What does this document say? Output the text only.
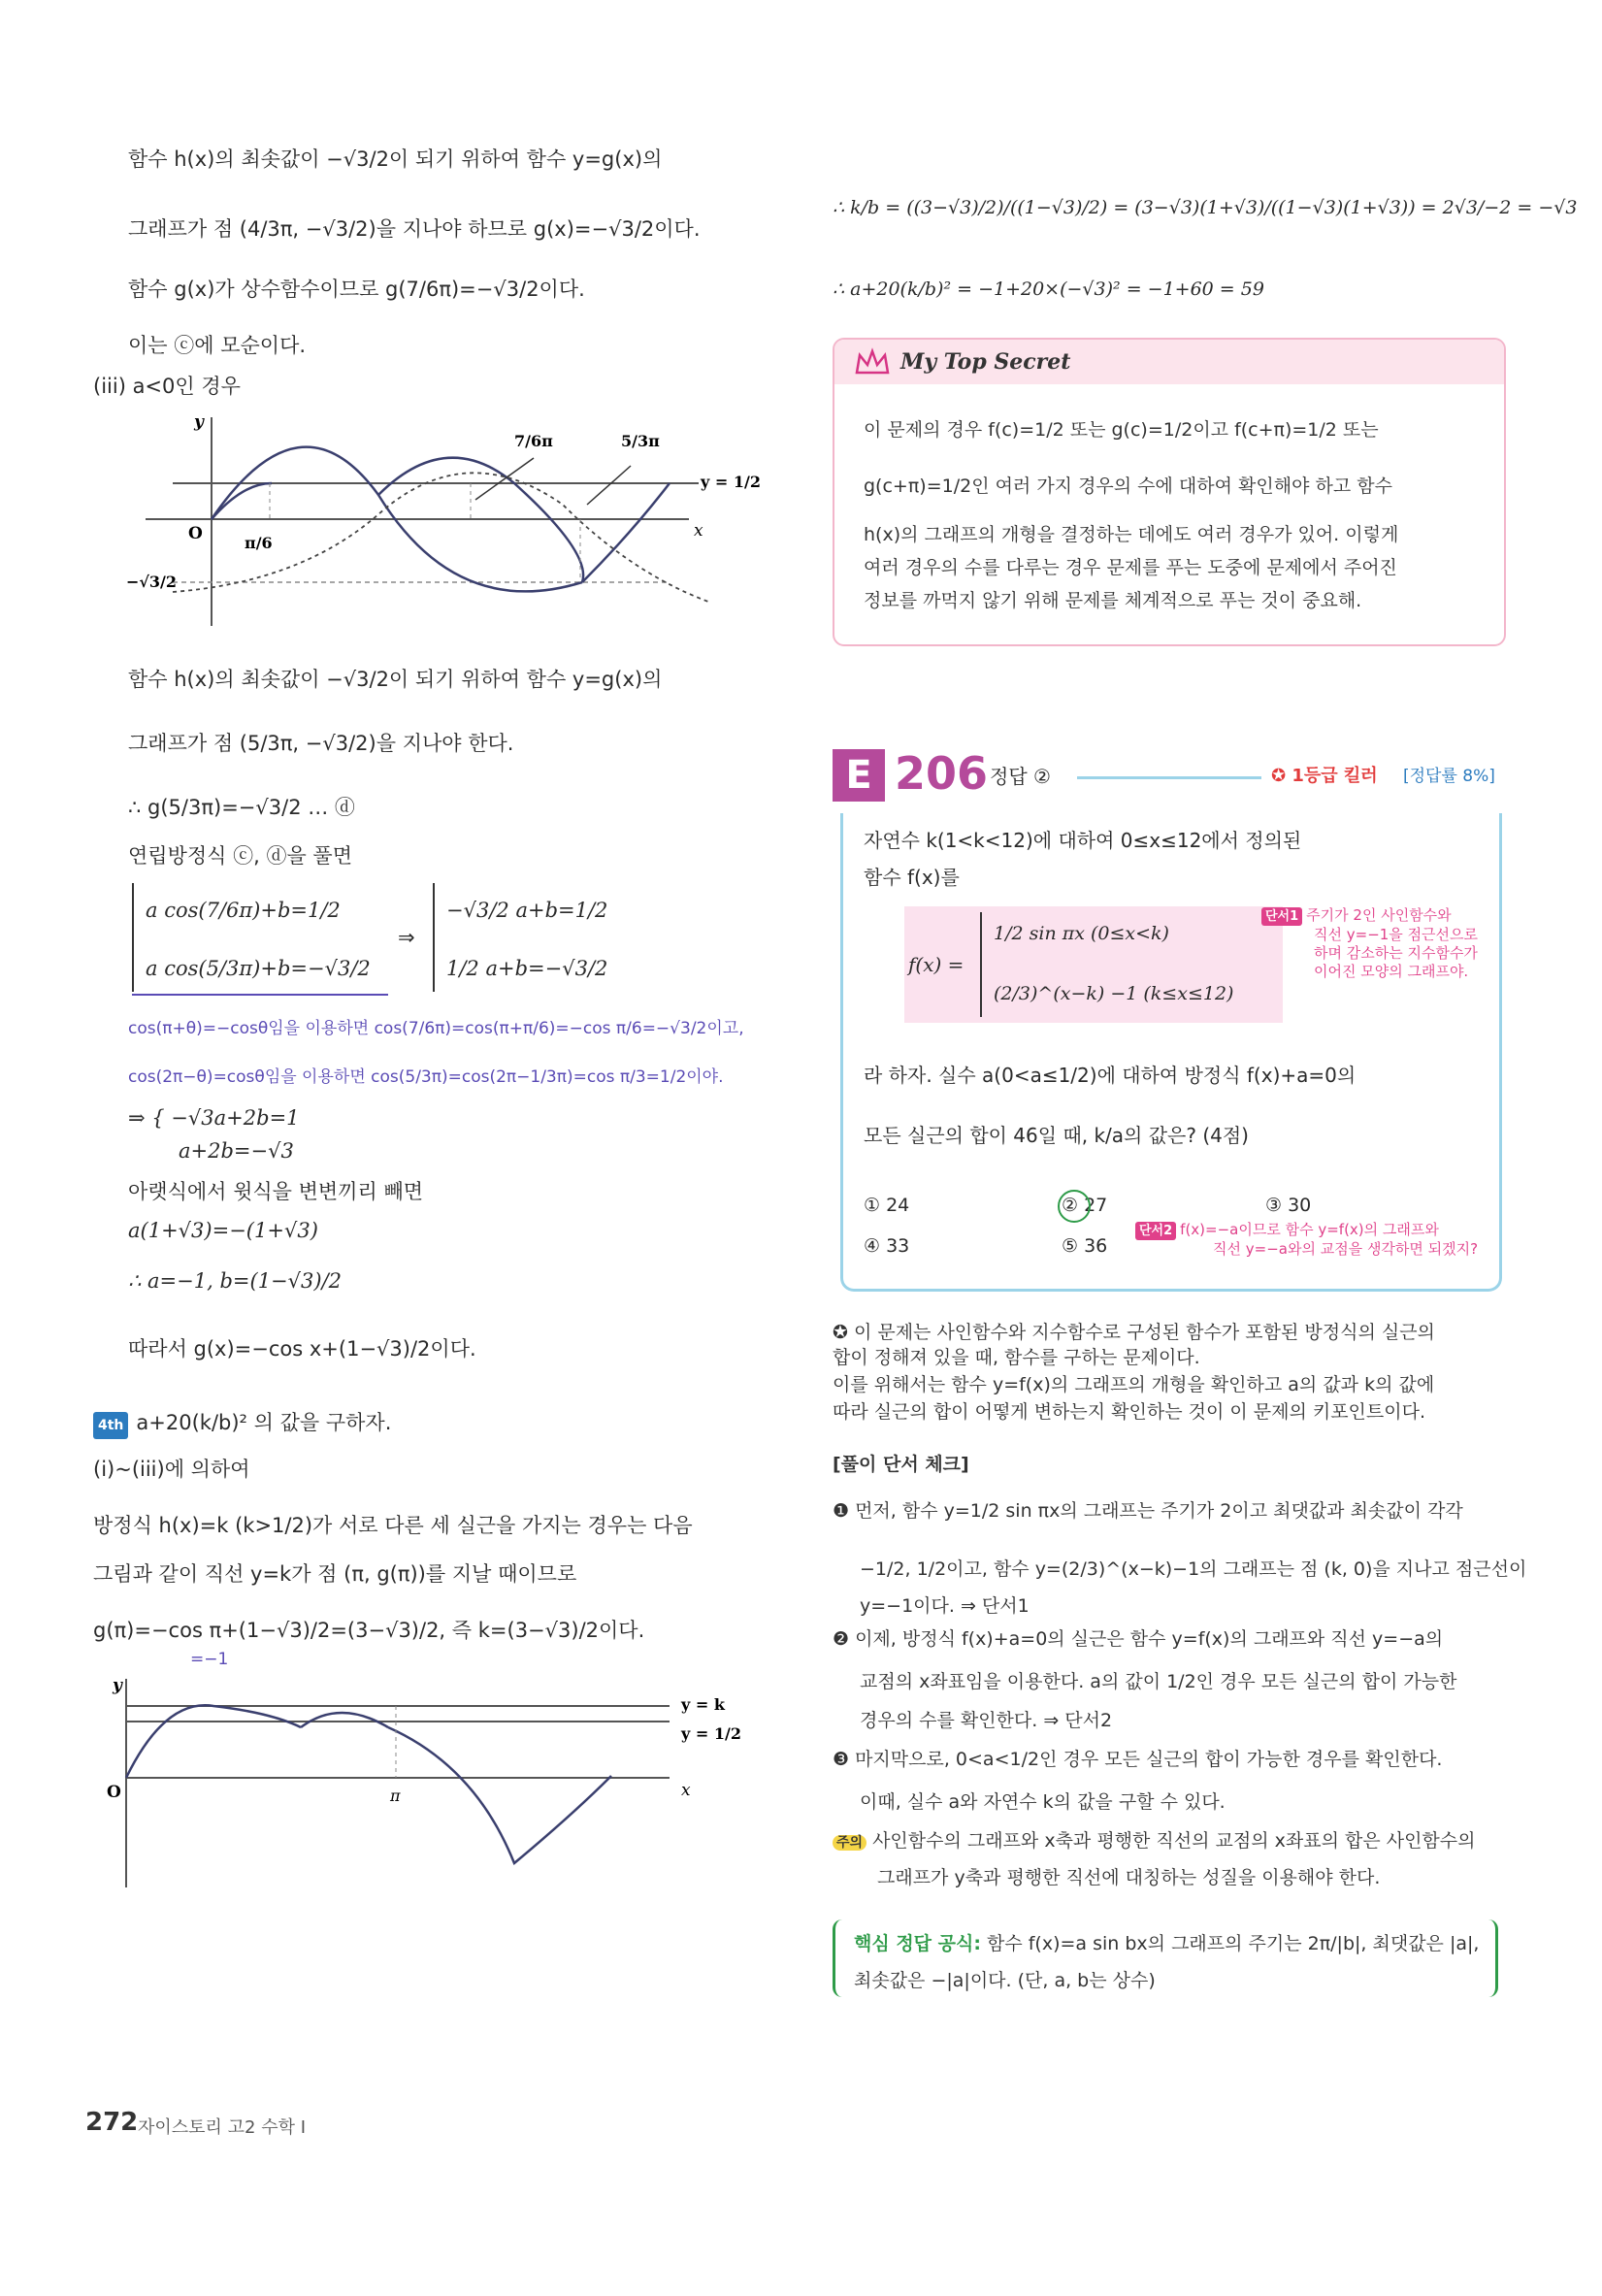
함수 h(x)의 최솟값이 −√3/2이 되기 위하여 함수 y=g(x)의
그래프가 점 (4/3π, −√3/2)을 지나야 하므로 g(x)=−√3/2이다.
함수 g(x)가 상수함수이므로 g(7/6π)=−√3/2이다.
이는 ⓒ에 모순이다.
(iii) a<0인 경우
y
x
O	π/6
−√3/2
7/6π	5/3π
y = 1/2
함수 h(x)의 최솟값이 −√3/2이 되기 위하여 함수 y=g(x)의
그래프가 점 (5/3π, −√3/2)을 지나야 한다.
∴ g(5/3π)=−√3/2 … ⓓ
연립방정식 ⓒ, ⓓ을 풀면
a cos(7/6π)+b=1/2
a cos(5/3π)+b=−√3/2
⇒
−√3/2 a+b=1/2
1/2 a+b=−√3/2
cos(π+θ)=−cosθ임을 이용하면 cos(7/6π)=cos(π+π/6)=−cos π/6=−√3/2이고,
cos(2π−θ)=cosθ임을 이용하면 cos(5/3π)=cos(2π−1/3π)=cos π/3=1/2이야.
⇒ { −√3a+2b=1
a+2b=−√3
아랫식에서 윗식을 변변끼리 빼면
a(1+√3)=−(1+√3)
∴ a=−1, b=(1−√3)/2
따라서 g(x)=−cos x+(1−√3)/2이다.
4th a+20(k/b)² 의 값을 구하자.
(i)~(iii)에 의하여
방정식 h(x)=k (k>1/2)가 서로 다른 세 실근을 가지는 경우는 다음
그림과 같이 직선 y=k가 점 (π, g(π))를 지날 때이므로
g(π)=−cos π+(1−√3)/2=(3−√3)/2, 즉 k=(3−√3)/2이다.
=−1
y
x
O	π
y = k
y = 1/2
∴ k/b = ((3−√3)/2)/((1−√3)/2) = (3−√3)(1+√3)/((1−√3)(1+√3)) = 2√3/−2 = −√3
∴ a+20(k/b)² = −1+20×(−√3)² = −1+60 = 59
My Top Secret
이 문제의 경우 f(c)=1/2 또는 g(c)=1/2이고 f(c+π)=1/2 또는
g(c+π)=1/2인 여러 가지 경우의 수에 대하여 확인해야 하고 함수
h(x)의 그래프의 개형을 결정하는 데에도 여러 경우가 있어. 이렇게
여러 경우의 수를 다루는 경우 문제를 푸는 도중에 문제에서 주어진
정보를 까먹지 않기 위해 문제를 체계적으로 푸는 것이 중요해.
E 206 정답 ②	✪ 1등급 킬러 [정답률 8%]
자연수 k(1<k<12)에 대하여 0≤x≤12에서 정의된
함수 f(x)를
f(x) =
1/2 sin πx (0≤x<k)
(2/3)^(x−k) −1 (k≤x≤12)
단서1 주기가 2인 사인함수와
직선 y=−1을 점근선으로
하며 감소하는 지수함수가
이어진 모양의 그래프야.
라 하자. 실수 a(0<a≤1/2)에 대하여 방정식 f(x)+a=0의
모든 실근의 합이 46일 때, k/a의 값은? (4점)
① 24	② 27	③ 30
④ 33	⑤ 36
단서2 f(x)=−a이므로 함수 y=f(x)의 그래프와
직선 y=−a와의 교점을 생각하면 되겠지?
✪ 이 문제는 사인함수와 지수함수로 구성된 함수가 포함된 방정식의 실근의
합이 정해져 있을 때, 함수를 구하는 문제이다.
이를 위해서는 함수 y=f(x)의 그래프의 개형을 확인하고 a의 값과 k의 값에
따라 실근의 합이 어떻게 변하는지 확인하는 것이 이 문제의 키포인트이다.
[풀이 단서 체크]
❶ 먼저, 함수 y=1/2 sin πx의 그래프는 주기가 2이고 최댓값과 최솟값이 각각
−1/2, 1/2이고, 함수 y=(2/3)^(x−k)−1의 그래프는 점 (k, 0)을 지나고 점근선이
y=−1이다. ⇒ 단서1
❷ 이제, 방정식 f(x)+a=0의 실근은 함수 y=f(x)의 그래프와 직선 y=−a의
교점의 x좌표임을 이용한다. a의 값이 1/2인 경우 모든 실근의 합이 가능한
경우의 수를 확인한다. ⇒ 단서2
❸ 마지막으로, 0<a<1/2인 경우 모든 실근의 합이 가능한 경우를 확인한다.
이때, 실수 a와 자연수 k의 값을 구할 수 있다.
주의 사인함수의 그래프와 x축과 평행한 직선의 교점의 x좌표의 합은 사인함수의
그래프가 y축과 평행한 직선에 대칭하는 성질을 이용해야 한다.
핵심 정답 공식: 함수 f(x)=a sin bx의 그래프의 주기는 2π/|b|, 최댓값은 |a|,
최솟값은 −|a|이다. (단, a, b는 상수)
272 자이스토리 고2 수학 I
